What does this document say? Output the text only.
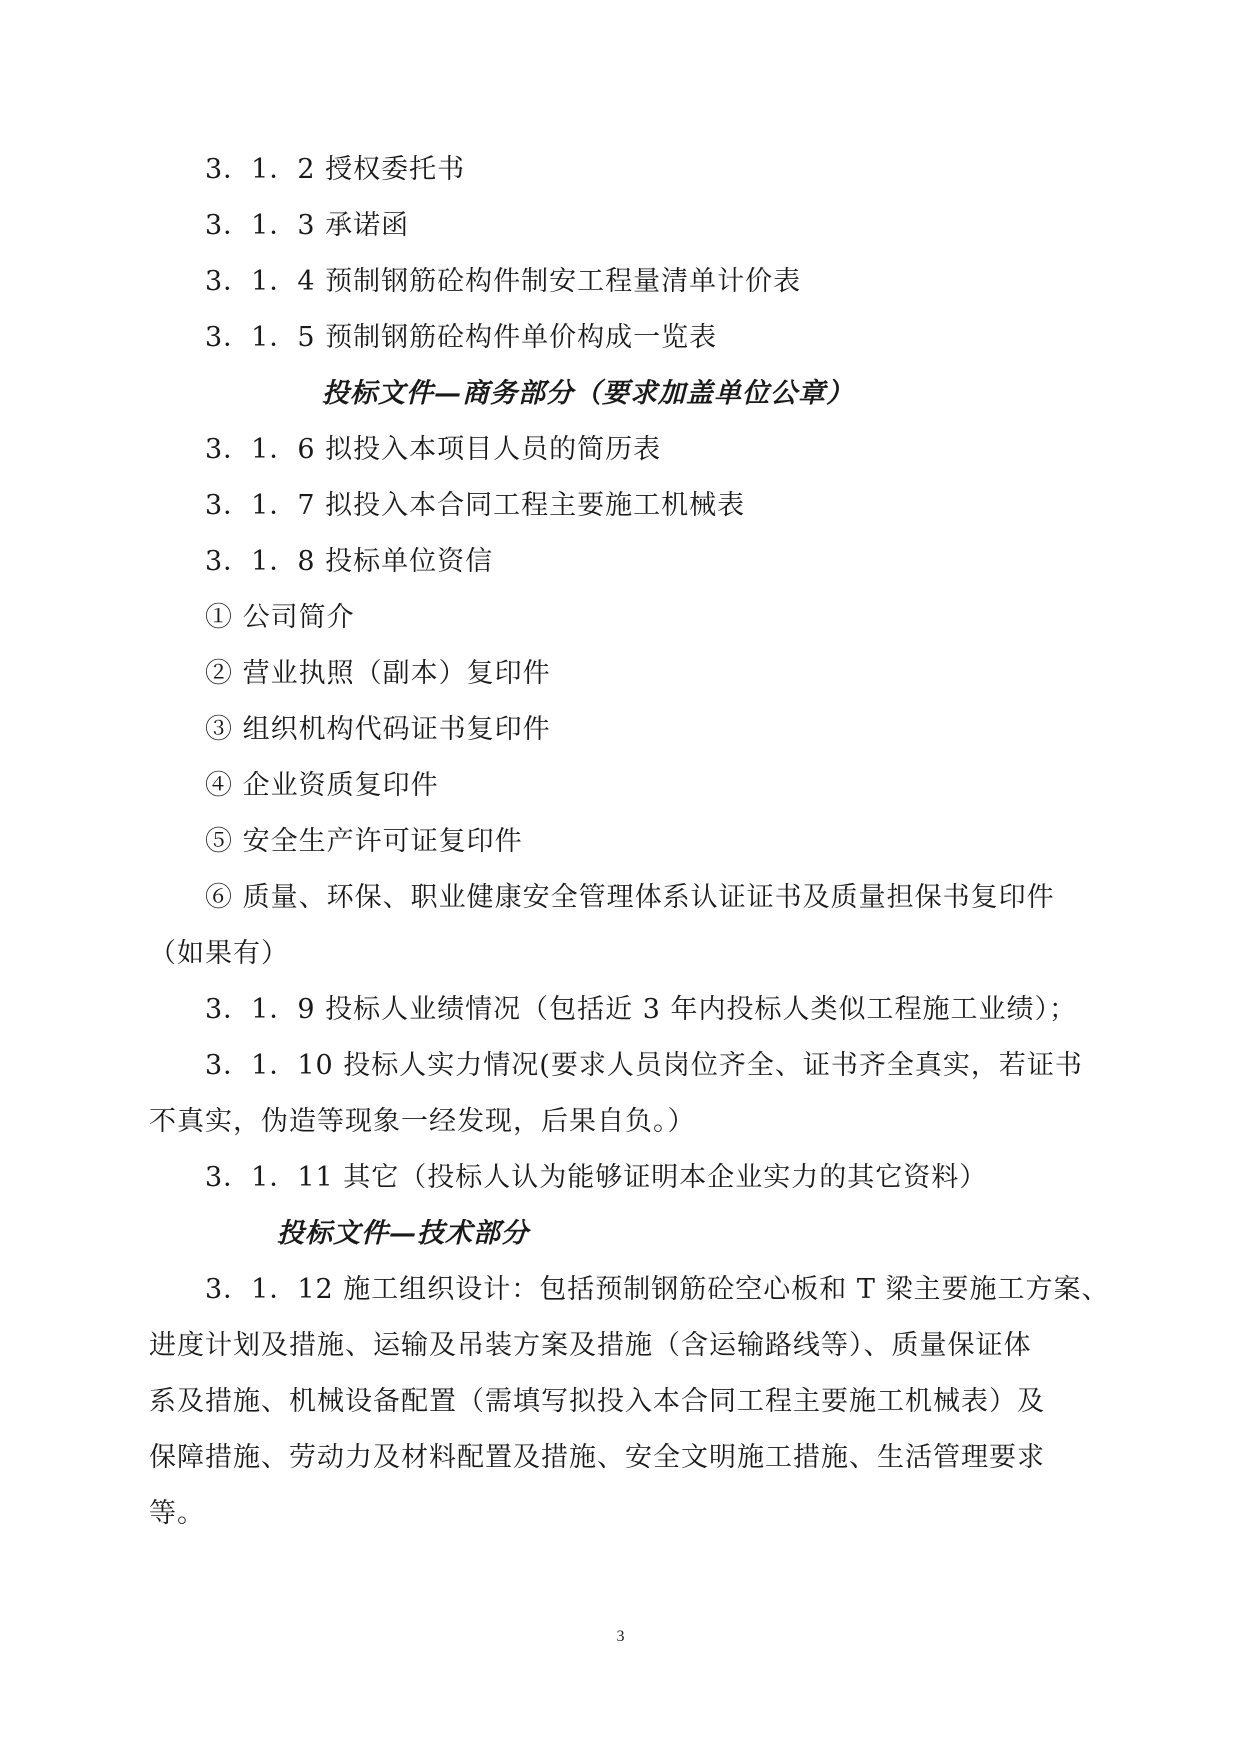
3．1．2 授权委托书
3．1．3 承诺函
3．1．4 预制钢筋砼构件制安工程量清单计价表
3．1．5 预制钢筋砼构件单价构成一览表
投标文件—商务部分（要求加盖单位公章）
3．1．6 拟投入本项目人员的简历表
3．1．7 拟投入本合同工程主要施工机械表
3．1．8 投标单位资信
① 公司简介
② 营业执照（副本）复印件
③ 组织机构代码证书复印件
④ 企业资质复印件
⑤ 安全生产许可证复印件
⑥ 质量、环保、职业健康安全管理体系认证证书及质量担保书复印件
（如果有）
3．1．9 投标人业绩情况（包括近 3 年内投标人类似工程施工业绩）；
3．1．10 投标人实力情况(要求人员岗位齐全、证书齐全真实，若证书
不真实，伪造等现象一经发现，后果自负。）
3．1．11 其它（投标人认为能够证明本企业实力的其它资料）
投标文件—技术部分
3．1．12 施工组织设计：包括预制钢筋砼空心板和 T 梁主要施工方案、
进度计划及措施、运输及吊装方案及措施（含运输路线等）、质量保证体
系及措施、机械设备配置（需填写拟投入本合同工程主要施工机械表）及
保障措施、劳动力及材料配置及措施、安全文明施工措施、生活管理要求
等。
3
